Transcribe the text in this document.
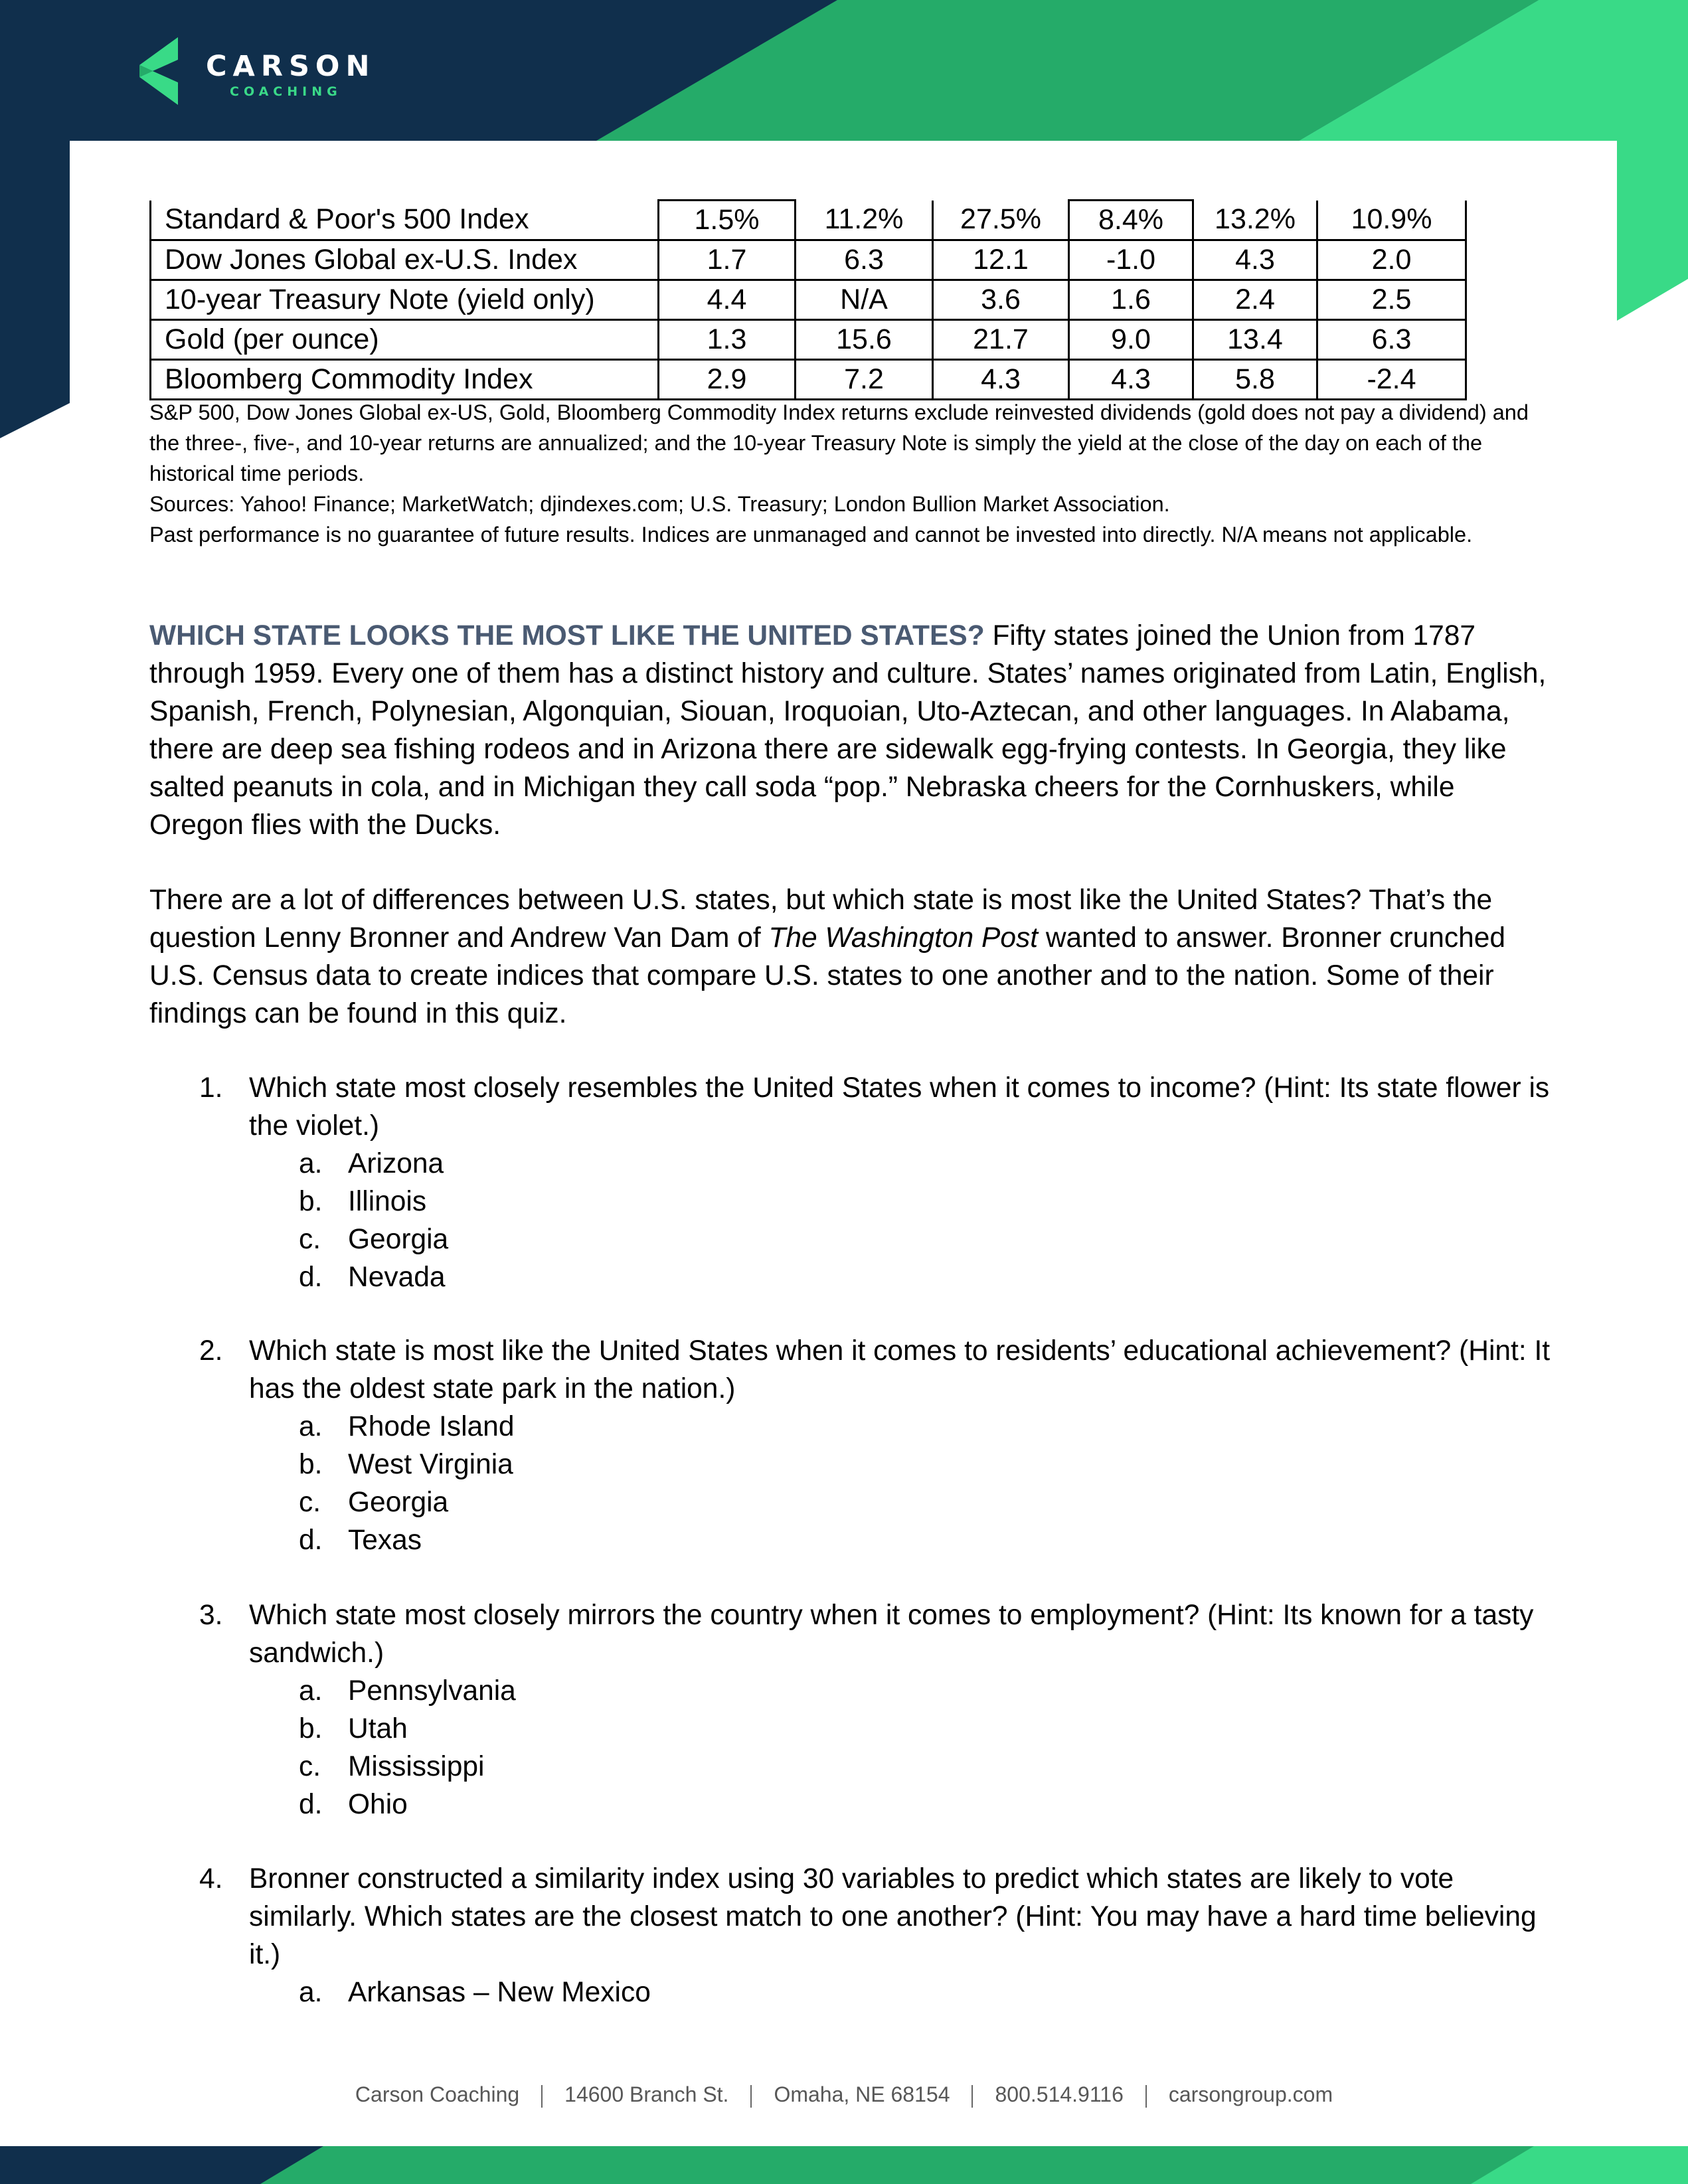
CARSON
COACHING
Standard & Poor's 500 Index	1.5%	11.2%	27.5%	8.4%	13.2%	10.9%
Dow Jones Global ex-U.S. Index	1.7	6.3	12.1	-1.0	4.3	2.0
10-year Treasury Note (yield only)	4.4	N/A	3.6	1.6	2.4	2.5
Gold (per ounce)	1.3	15.6	21.7	9.0	13.4	6.3
Bloomberg Commodity Index	2.9	7.2	4.3	4.3	5.8	-2.4

S&P 500, Dow Jones Global ex-US, Gold, Bloomberg Commodity Index returns exclude reinvested dividends (gold does not pay a dividend) and the three-, five-, and 10-year returns are annualized; and the 10-year Treasury Note is simply the yield at the close of the day on each of the historical time periods.

Sources: Yahoo! Finance; MarketWatch; djindexes.com; U.S. Treasury; London Bullion Market Association.

Past performance is no guarantee of future results. Indices are unmanaged and cannot be invested into directly. N/A means not applicable.

WHICH STATE LOOKS THE MOST LIKE THE UNITED STATES? Fifty states joined the Union from 1787 through 1959. Every one of them has a distinct history and culture. States’ names originated from Latin, English, Spanish, French, Polynesian, Algonquian, Siouan, Iroquoian, Uto-Aztecan, and other languages. In Alabama, there are deep sea fishing rodeos and in Arizona there are sidewalk egg-frying contests. In Georgia, they like salted peanuts in cola, and in Michigan they call soda “pop.” Nebraska cheers for the Cornhuskers, while Oregon flies with the Ducks.

There are a lot of differences between U.S. states, but which state is most like the United States? That’s the question Lenny Bronner and Andrew Van Dam of The Washington Post wanted to answer. Bronner crunched U.S. Census data to create indices that compare U.S. states to one another and to the nation. Some of their findings can be found in this quiz.

1. Which state most closely resembles the United States when it comes to income? (Hint: Its state flower is the violet.)
a. Arizona
b. Illinois
c. Georgia
d. Nevada
2. Which state is most like the United States when it comes to residents’ educational achievement? (Hint: It has the oldest state park in the nation.)
a. Rhode Island
b. West Virginia
c. Georgia
d. Texas
3. Which state most closely mirrors the country when it comes to employment? (Hint: Its known for a tasty sandwich.)
a. Pennsylvania
b. Utah
c. Mississippi
d. Ohio
4. Bronner constructed a similarity index using 30 variables to predict which states are likely to vote similarly. Which states are the closest match to one another? (Hint: You may have a hard time believing it.)
a. Arkansas – New Mexico
Carson Coaching 14600 Branch St. Omaha, NE 68154 800.514.9116 carsongroup.com
